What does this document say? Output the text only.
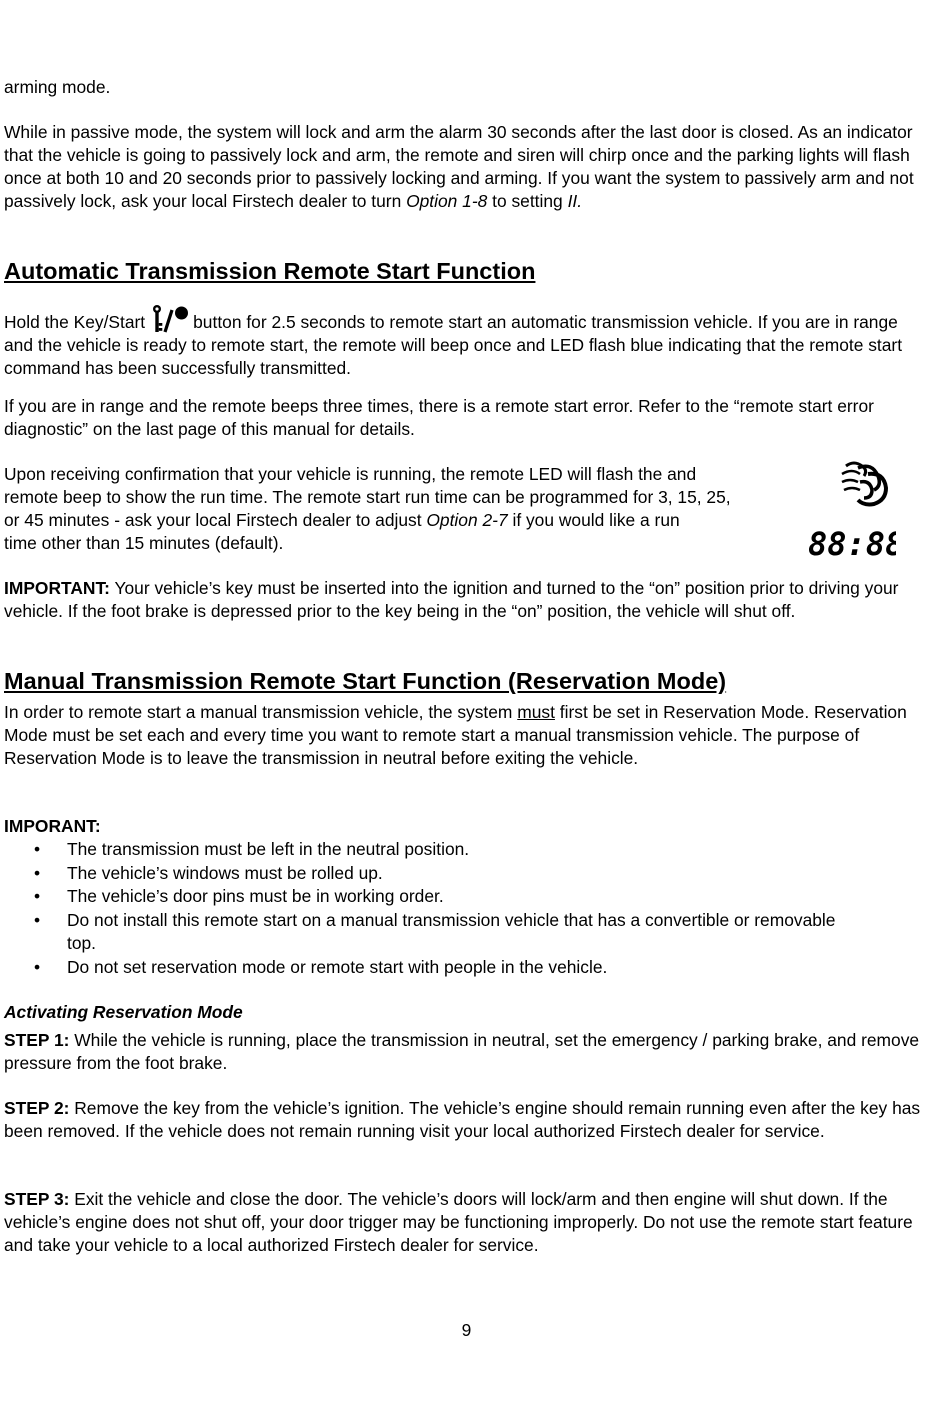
arming mode.

While in passive mode, the system will lock and arm the alarm 30 seconds after the last door is closed. As an indicator that the vehicle is going to passively lock and arm, the remote and siren will chirp once and the parking lights will flash once at both 10 and 20 seconds prior to passively locking and arming. If you want the system to passively arm and not passively lock, ask your local Firstech dealer to turn Option 1-8 to setting II.

Automatic Transmission Remote Start Function

Hold the Key/Start	button for 2.5 seconds to remote start an automatic transmission vehicle. If you are in range and the vehicle is ready to remote start, the remote will beep once and LED flash blue indicating that the remote start command has been successfully transmitted.

If you are in range and the remote beeps three times, there is a remote start error. Refer to the “remote start error diagnostic” on the last page of this manual for details.

Upon receiving confirmation that your vehicle is running, the remote LED will flash the and

remote beep to show the run time. The remote start run time can be programmed for 3, 15, 25,

or 45 minutes - ask your local Firstech dealer to adjust Option 2-7 if you would like a run

time other than 15 minutes (default).

IMPORTANT: Your vehicle’s key must be inserted into the ignition and turned to the “on” position prior to driving your vehicle. If the foot brake is depressed prior to the key being in the “on” position, the vehicle will shut off.

Manual Transmission Remote Start Function (Reservation Mode)

In order to remote start a manual transmission vehicle, the system must first be set in Reservation Mode. Reservation Mode must be set each and every time you want to remote start a manual transmission vehicle. The purpose of Reservation Mode is to leave the transmission in neutral before exiting the vehicle.

IMPORANT:

• The transmission must be left in the neutral position.
• The vehicle’s windows must be rolled up.
• The vehicle’s door pins must be in working order.
• Do not install this remote start on a manual transmission vehicle that has a convertible or removable top.
• Do not set reservation mode or remote start with people in the vehicle.

Activating Reservation Mode

STEP 1: While the vehicle is running, place the transmission in neutral, set the emergency / parking brake, and remove pressure from the foot brake.

STEP 2: Remove the key from the vehicle’s ignition. The vehicle’s engine should remain running even after the key has been removed. If the vehicle does not remain running visit your local authorized Firstech dealer for service.

STEP 3: Exit the vehicle and close the door. The vehicle’s doors will lock/arm and then engine will shut down. If the vehicle’s engine does not shut off, your door trigger may be functioning improperly. Do not use the remote start feature and take your vehicle to a local authorized Firstech dealer for service.

9

88:88
